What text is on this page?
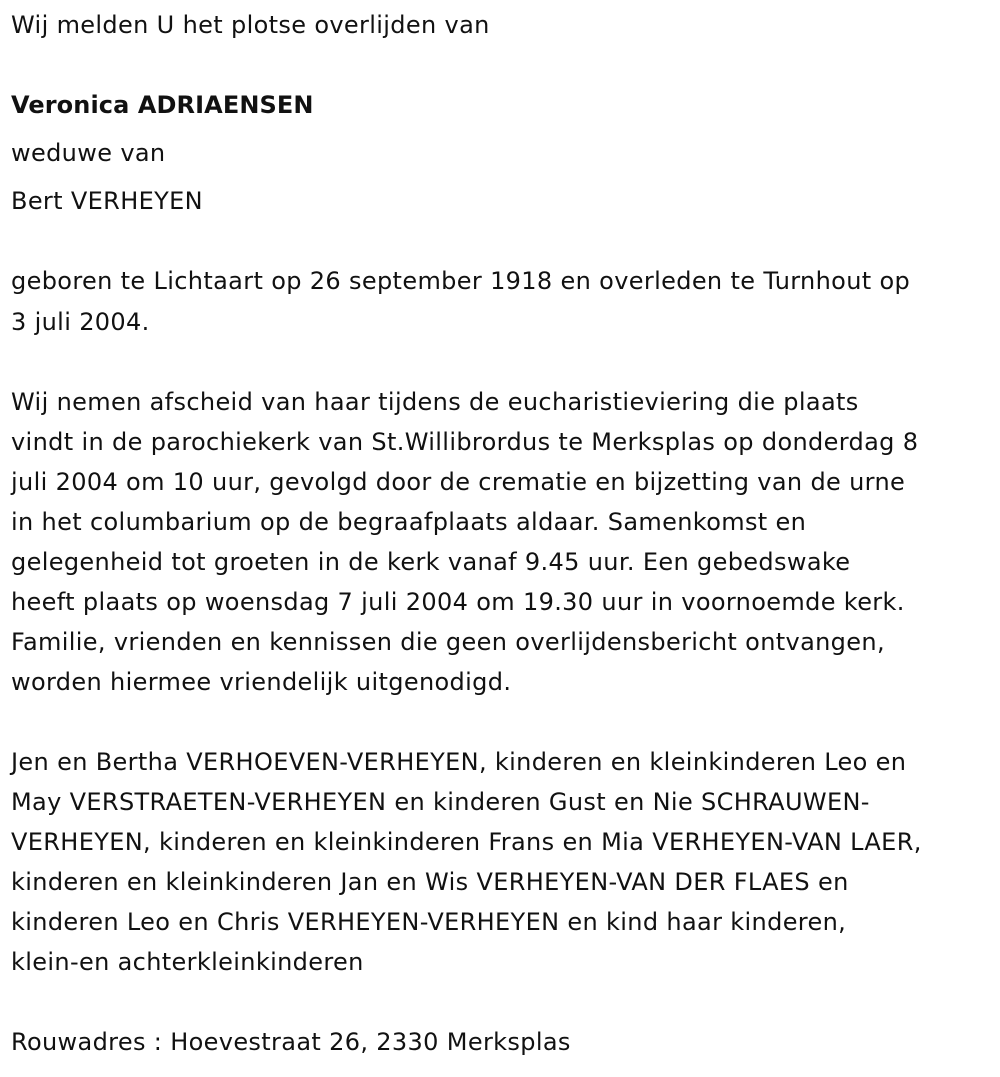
Wij melden U het plotse overlijden van
Veronica ADRIAENSEN
weduwe van
Bert VERHEYEN
geboren te Lichtaart op 26 september 1918 en overleden te Turnhout op
3 juli 2004.
Wij nemen afscheid van haar tijdens de eucharistieviering die plaats
vindt in de parochiekerk van St.Willibrordus te Merksplas op donderdag 8
juli 2004 om 10 uur, gevolgd door de crematie en bijzetting van de urne
in het columbarium op de begraafplaats aldaar. Samenkomst en
gelegenheid tot groeten in de kerk vanaf 9.45 uur. Een gebedswake
heeft plaats op woensdag 7 juli 2004 om 19.30 uur in voornoemde kerk.
Familie, vrienden en kennissen die geen overlijdensbericht ontvangen,
worden hiermee vriendelijk uitgenodigd.
Jen en Bertha VERHOEVEN-VERHEYEN, kinderen en kleinkinderen Leo en
May VERSTRAETEN-VERHEYEN en kinderen Gust en Nie SCHRAUWEN-
VERHEYEN, kinderen en kleinkinderen Frans en Mia VERHEYEN-VAN LAER,
kinderen en kleinkinderen Jan en Wis VERHEYEN-VAN DER FLAES en
kinderen Leo en Chris VERHEYEN-VERHEYEN en kind haar kinderen,
klein-en achterkleinkinderen
Rouwadres : Hoevestraat 26, 2330 Merksplas
